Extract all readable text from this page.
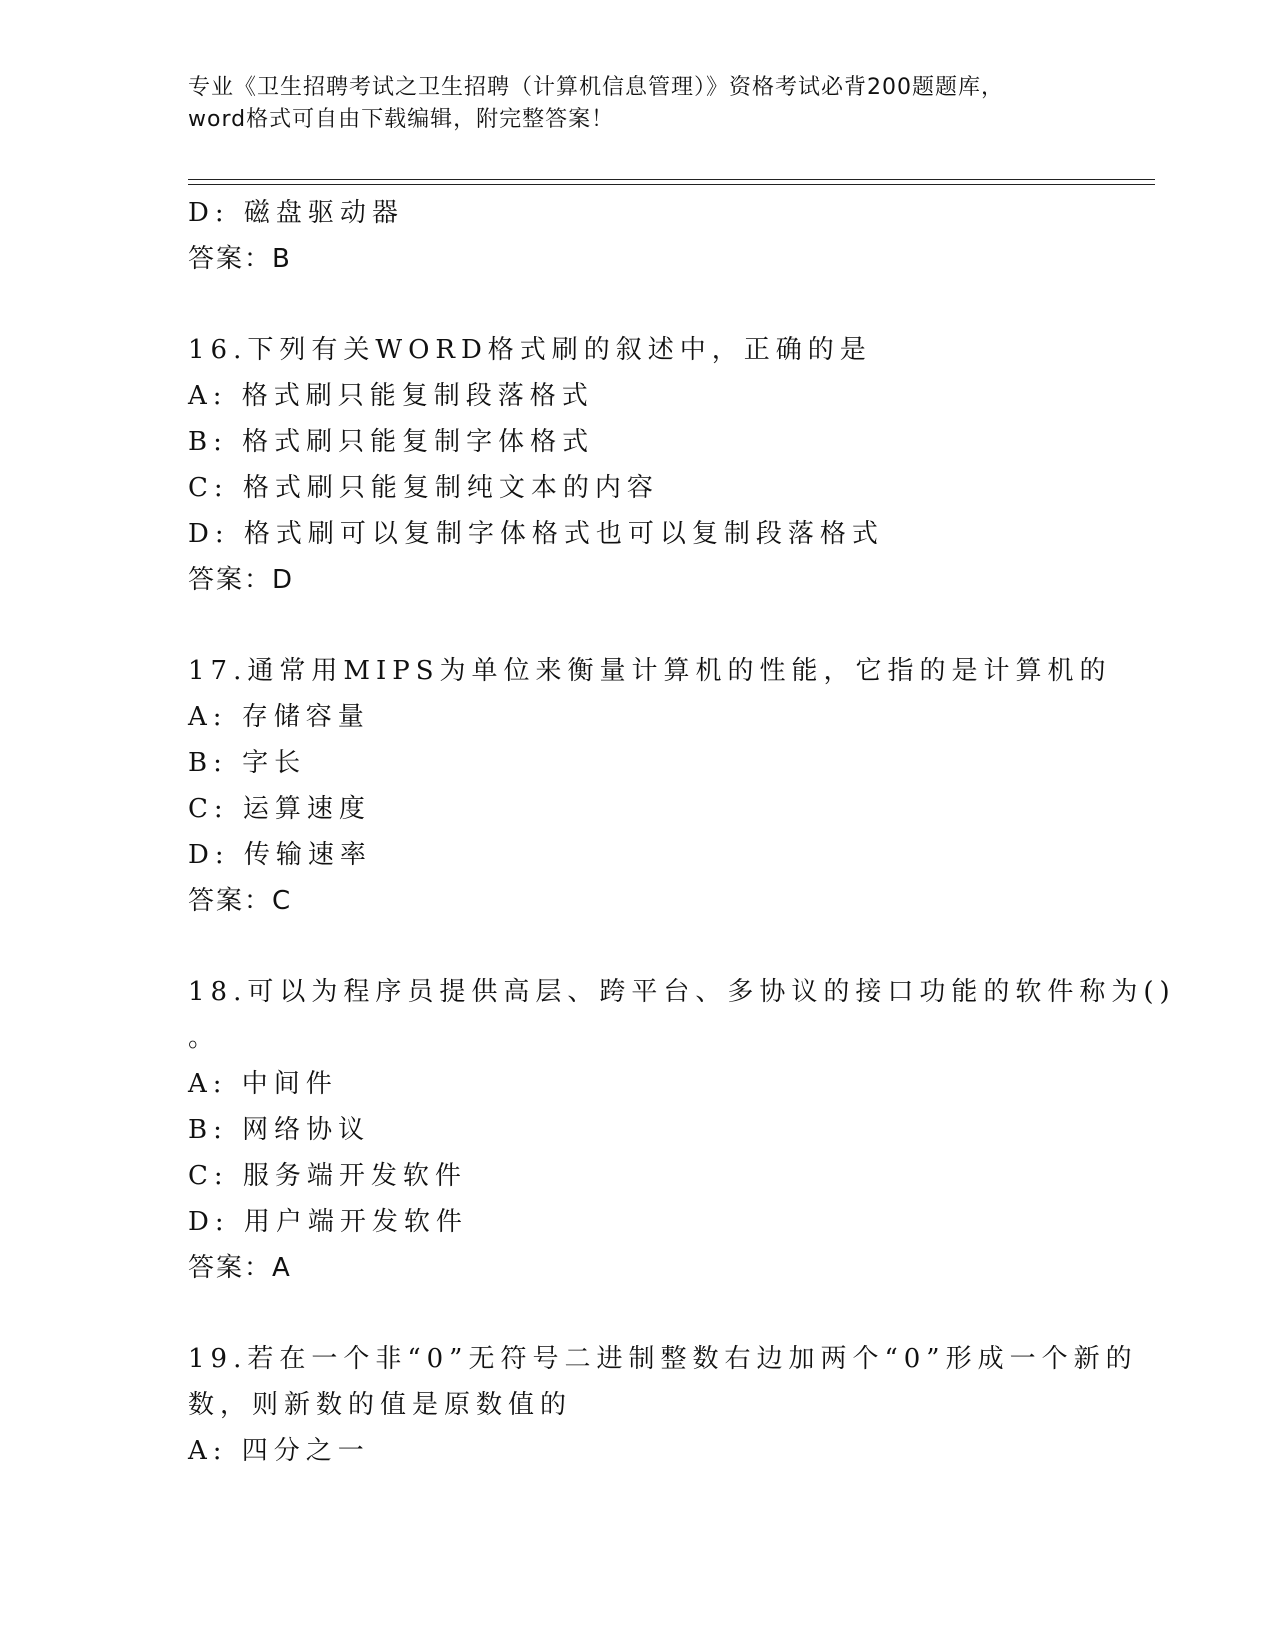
专业《卫生招聘考试之卫生招聘（计算机信息管理）》资格考试必背200题题库，
word格式可自由下载编辑，附完整答案！
D: 磁盘驱动器
答案：B
16.下列有关WORD格式刷的叙述中，正确的是
A: 格式刷只能复制段落格式
B: 格式刷只能复制字体格式
C: 格式刷只能复制纯文本的内容
D: 格式刷可以复制字体格式也可以复制段落格式
答案：D
17.通常用MIPS为单位来衡量计算机的性能，它指的是计算机的
A: 存储容量
B: 字长
C: 运算速度
D: 传输速率
答案：C
18.可以为程序员提供高层、跨平台、多协议的接口功能的软件称为()
。
A: 中间件
B: 网络协议
C: 服务端开发软件
D: 用户端开发软件
答案：A
19.若在一个非“0”无符号二进制整数右边加两个“0”形成一个新的
数，则新数的值是原数值的
A: 四分之一
